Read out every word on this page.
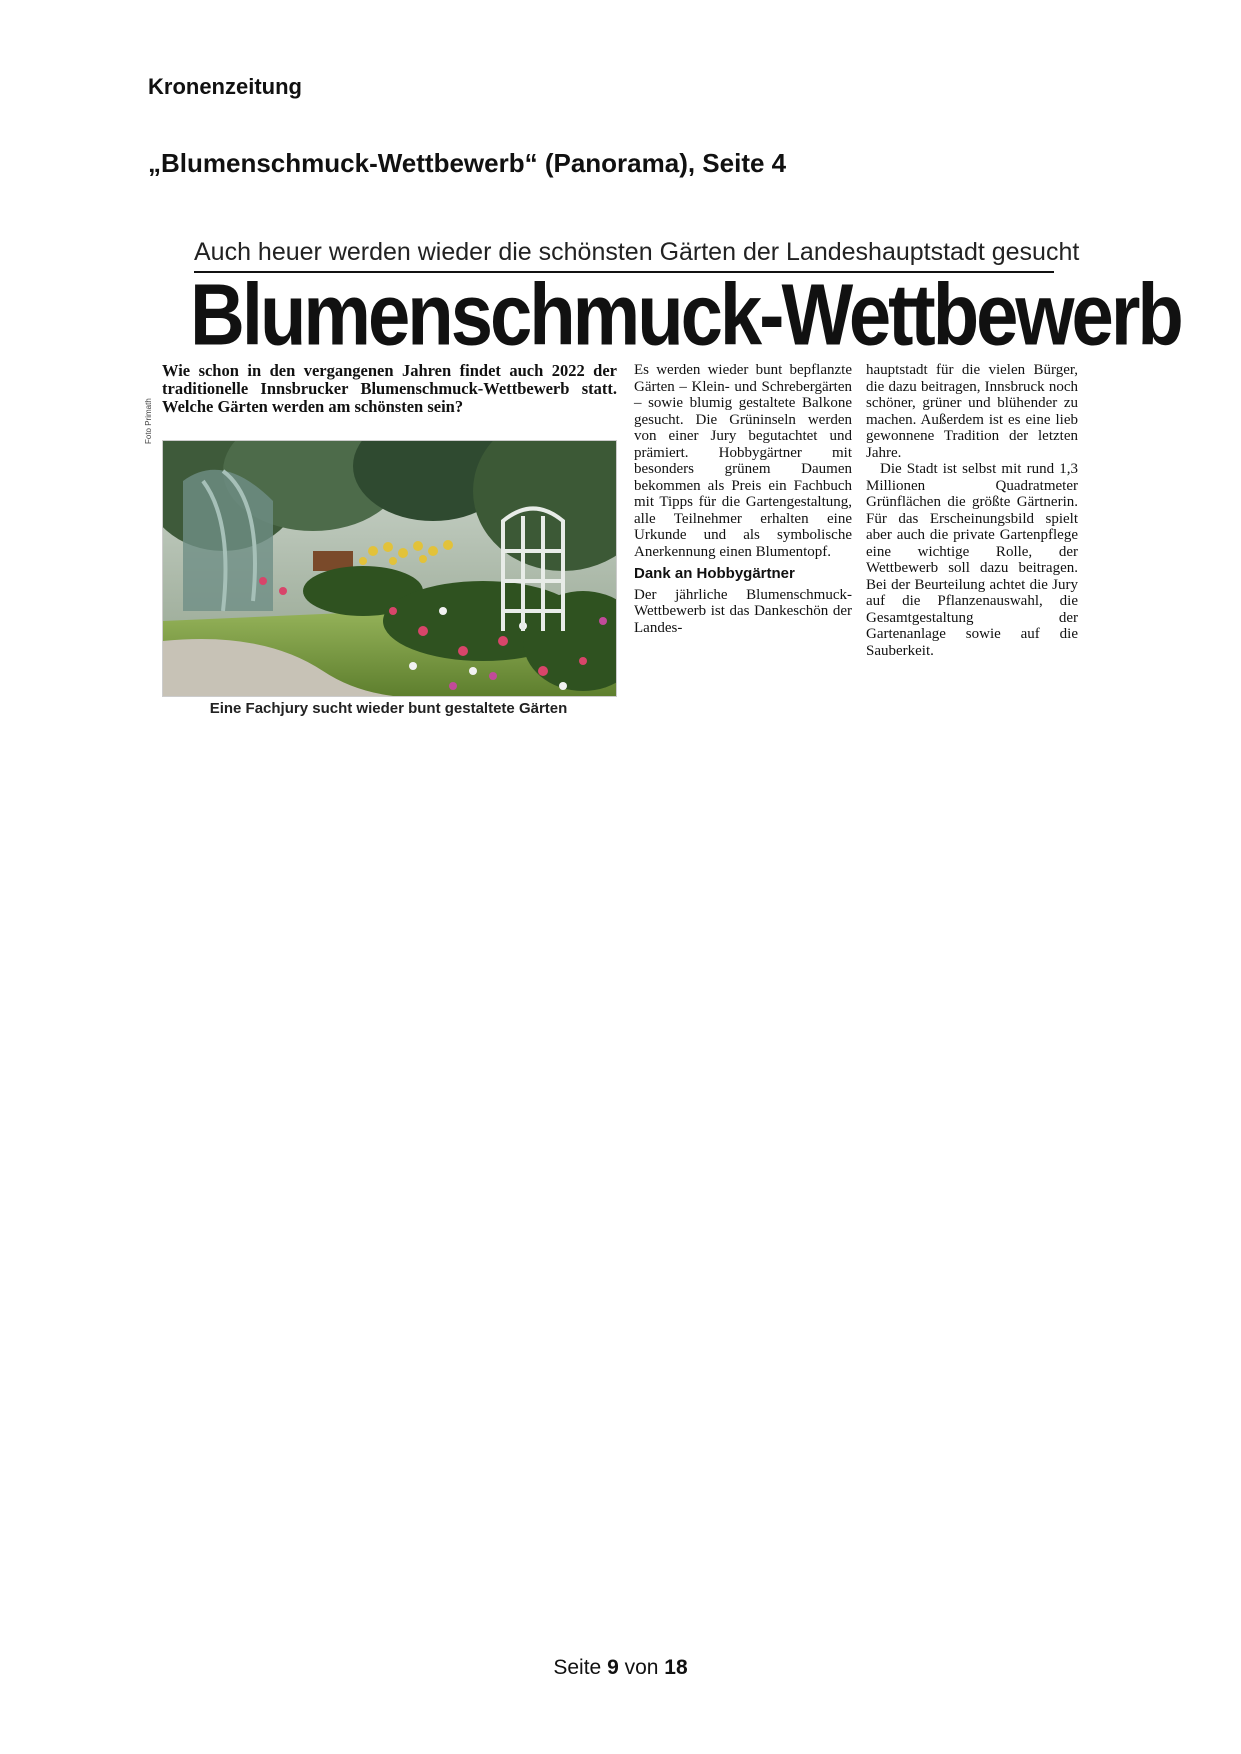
Kronenzeitung
„Blumenschmuck-Wettbewerb“ (Panorama), Seite 4
Auch heuer werden wieder die schönsten Gärten der Landeshauptstadt gesucht
Blumenschmuck-Wettbewerb
Wie schon in den vergangenen Jahren findet auch 2022 der traditionelle Innsbrucker Blumenschmuck-Wettbewerb statt. Welche Gärten werden am schönsten sein?
Foto Primath
Eine Fachjury sucht wieder bunt gestaltete Gärten

Es werden wieder bunt bepflanzte Gärten – Klein- und Schrebergärten – sowie blumig gestaltete Balkone gesucht. Die Grüninseln werden von einer Jury begutachtet und prämiert. Hobbygärtner mit besonders grünem Daumen bekommen als Preis ein Fachbuch mit Tipps für die Gartengestaltung, alle Teilnehmer erhalten eine Urkunde und als symbolische Anerkennung einen Blumentopf.

Dank an Hobbygärtner

Der jährliche Blumenschmuck-Wettbewerb ist das Dankeschön der Landes-

hauptstadt für die vielen Bürger, die dazu beitragen, Innsbruck noch schöner, grüner und blühender zu machen. Außerdem ist es eine lieb gewonnene Tradition der letzten Jahre.

Die Stadt ist selbst mit rund 1,3 Millionen Quadratmeter Grünflächen die größte Gärtnerin. Für das Erscheinungsbild spielt aber auch die private Gartenpflege eine wichtige Rolle, der Wettbewerb soll dazu beitragen. Bei der Beurteilung achtet die Jury auf die Pflanzenauswahl, die Gesamtgestaltung der Gartenanlage sowie auf die Sauberkeit.

Seite 9 von 18
